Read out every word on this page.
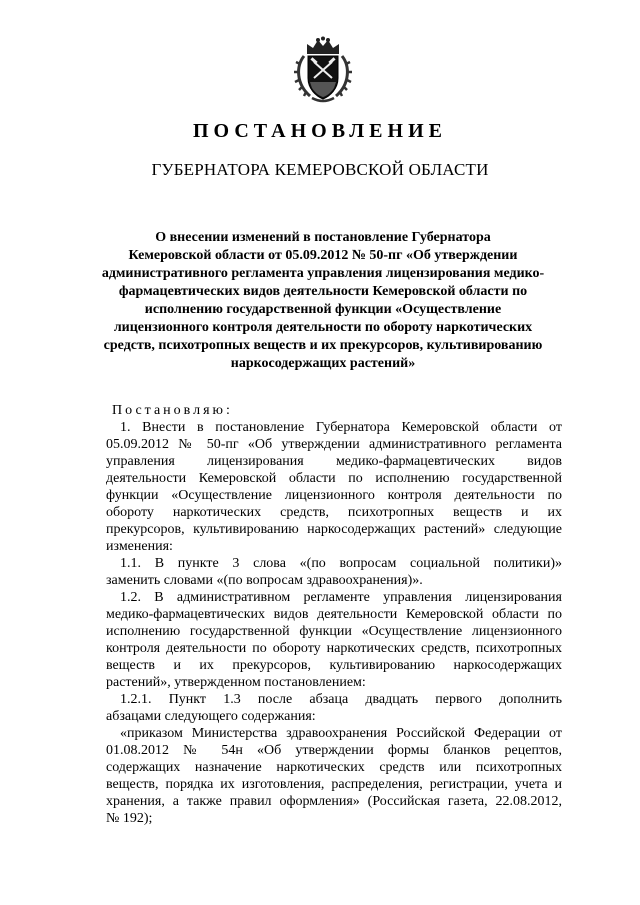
ПОСТАНОВЛЕНИЕ
ГУБЕРНАТОРА КЕМЕРОВСКОЙ ОБЛАСТИ
О внесении изменений в постановление Губернатора
Кемеровской области от 05.09.2012 № 50-пг «Об утверждении
административного регламента управления лицензирования медико-
фармацевтических видов деятельности Кемеровской области по
исполнению государственной функции «Осуществление
лицензионного контроля деятельности по обороту наркотических
средств, психотропных веществ и их прекурсоров, культивированию
наркосодержащих растений»
Постановляю:
1. Внести в постановление Губернатора Кемеровской области от
05.09.2012 № 50-пг «Об утверждении административного регламента
управления лицензирования медико-фармацевтических видов
деятельности Кемеровской области по исполнению государственной
функции «Осуществление лицензионного контроля деятельности по
обороту наркотических средств, психотропных веществ и их
прекурсоров, культивированию наркосодержащих растений» следующие
изменения:
1.1. В пункте 3 слова «(по вопросам социальной политики)»
заменить словами «(по вопросам здравоохранения)».
1.2. В административном регламенте управления лицензирования
медико-фармацевтических видов деятельности Кемеровской области по
исполнению государственной функции «Осуществление лицензионного
контроля деятельности по обороту наркотических средств, психотропных
веществ и их прекурсоров, культивированию наркосодержащих
растений», утвержденном постановлением:
1.2.1. Пункт 1.3 после абзаца двадцать первого дополнить
абзацами следующего содержания:
«приказом Министерства здравоохранения Российской Федерации от
01.08.2012 № 54н «Об утверждении формы бланков рецептов,
содержащих назначение наркотических средств или психотропных
веществ, порядка их изготовления, распределения, регистрации, учета и
хранения, а также правил оформления» (Российская газета, 22.08.2012,
№ 192);
